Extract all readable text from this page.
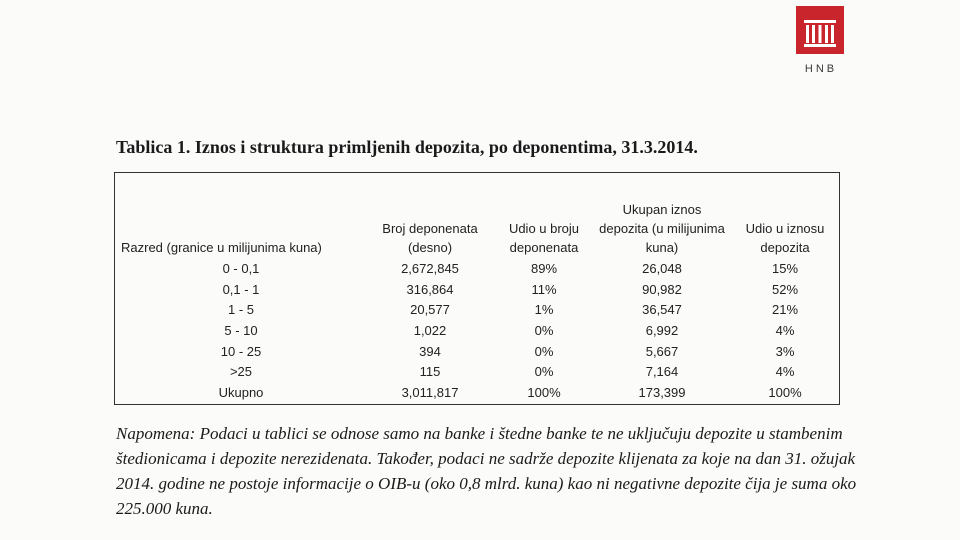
HNB
Tablica 1. Iznos i struktura primljenih depozita, po deponentima, 31.3.2014.
Razred (granice u milijunima kuna)	Broj deponenata (desno)	Udio u broju deponenata	Ukupan iznos depozita (u milijunima kuna)	Udio u iznosu depozita
0 - 0,1	2,672,845	89%	26,048	15%
0,1 - 1	316,864	11%	90,982	52%
1 - 5	20,577	1%	36,547	21%
5 - 10	1,022	0%	6,992	4%
10 - 25	394	0%	5,667	3%
>25	115	0%	7,164	4%
Ukupno	3,011,817	100%	173,399	100%

Napomena: Podaci u tablici se odnose samo na banke i štedne banke te ne uključuju depozite u stambenim štedionicama i depozite nerezidenata. Također, podaci ne sadrže depozite klijenata za koje na dan 31. ožujak 2014. godine ne postoje informacije o OIB-u (oko 0,8 mlrd. kuna) kao ni negativne depozite čija je suma oko 225.000 kuna.
